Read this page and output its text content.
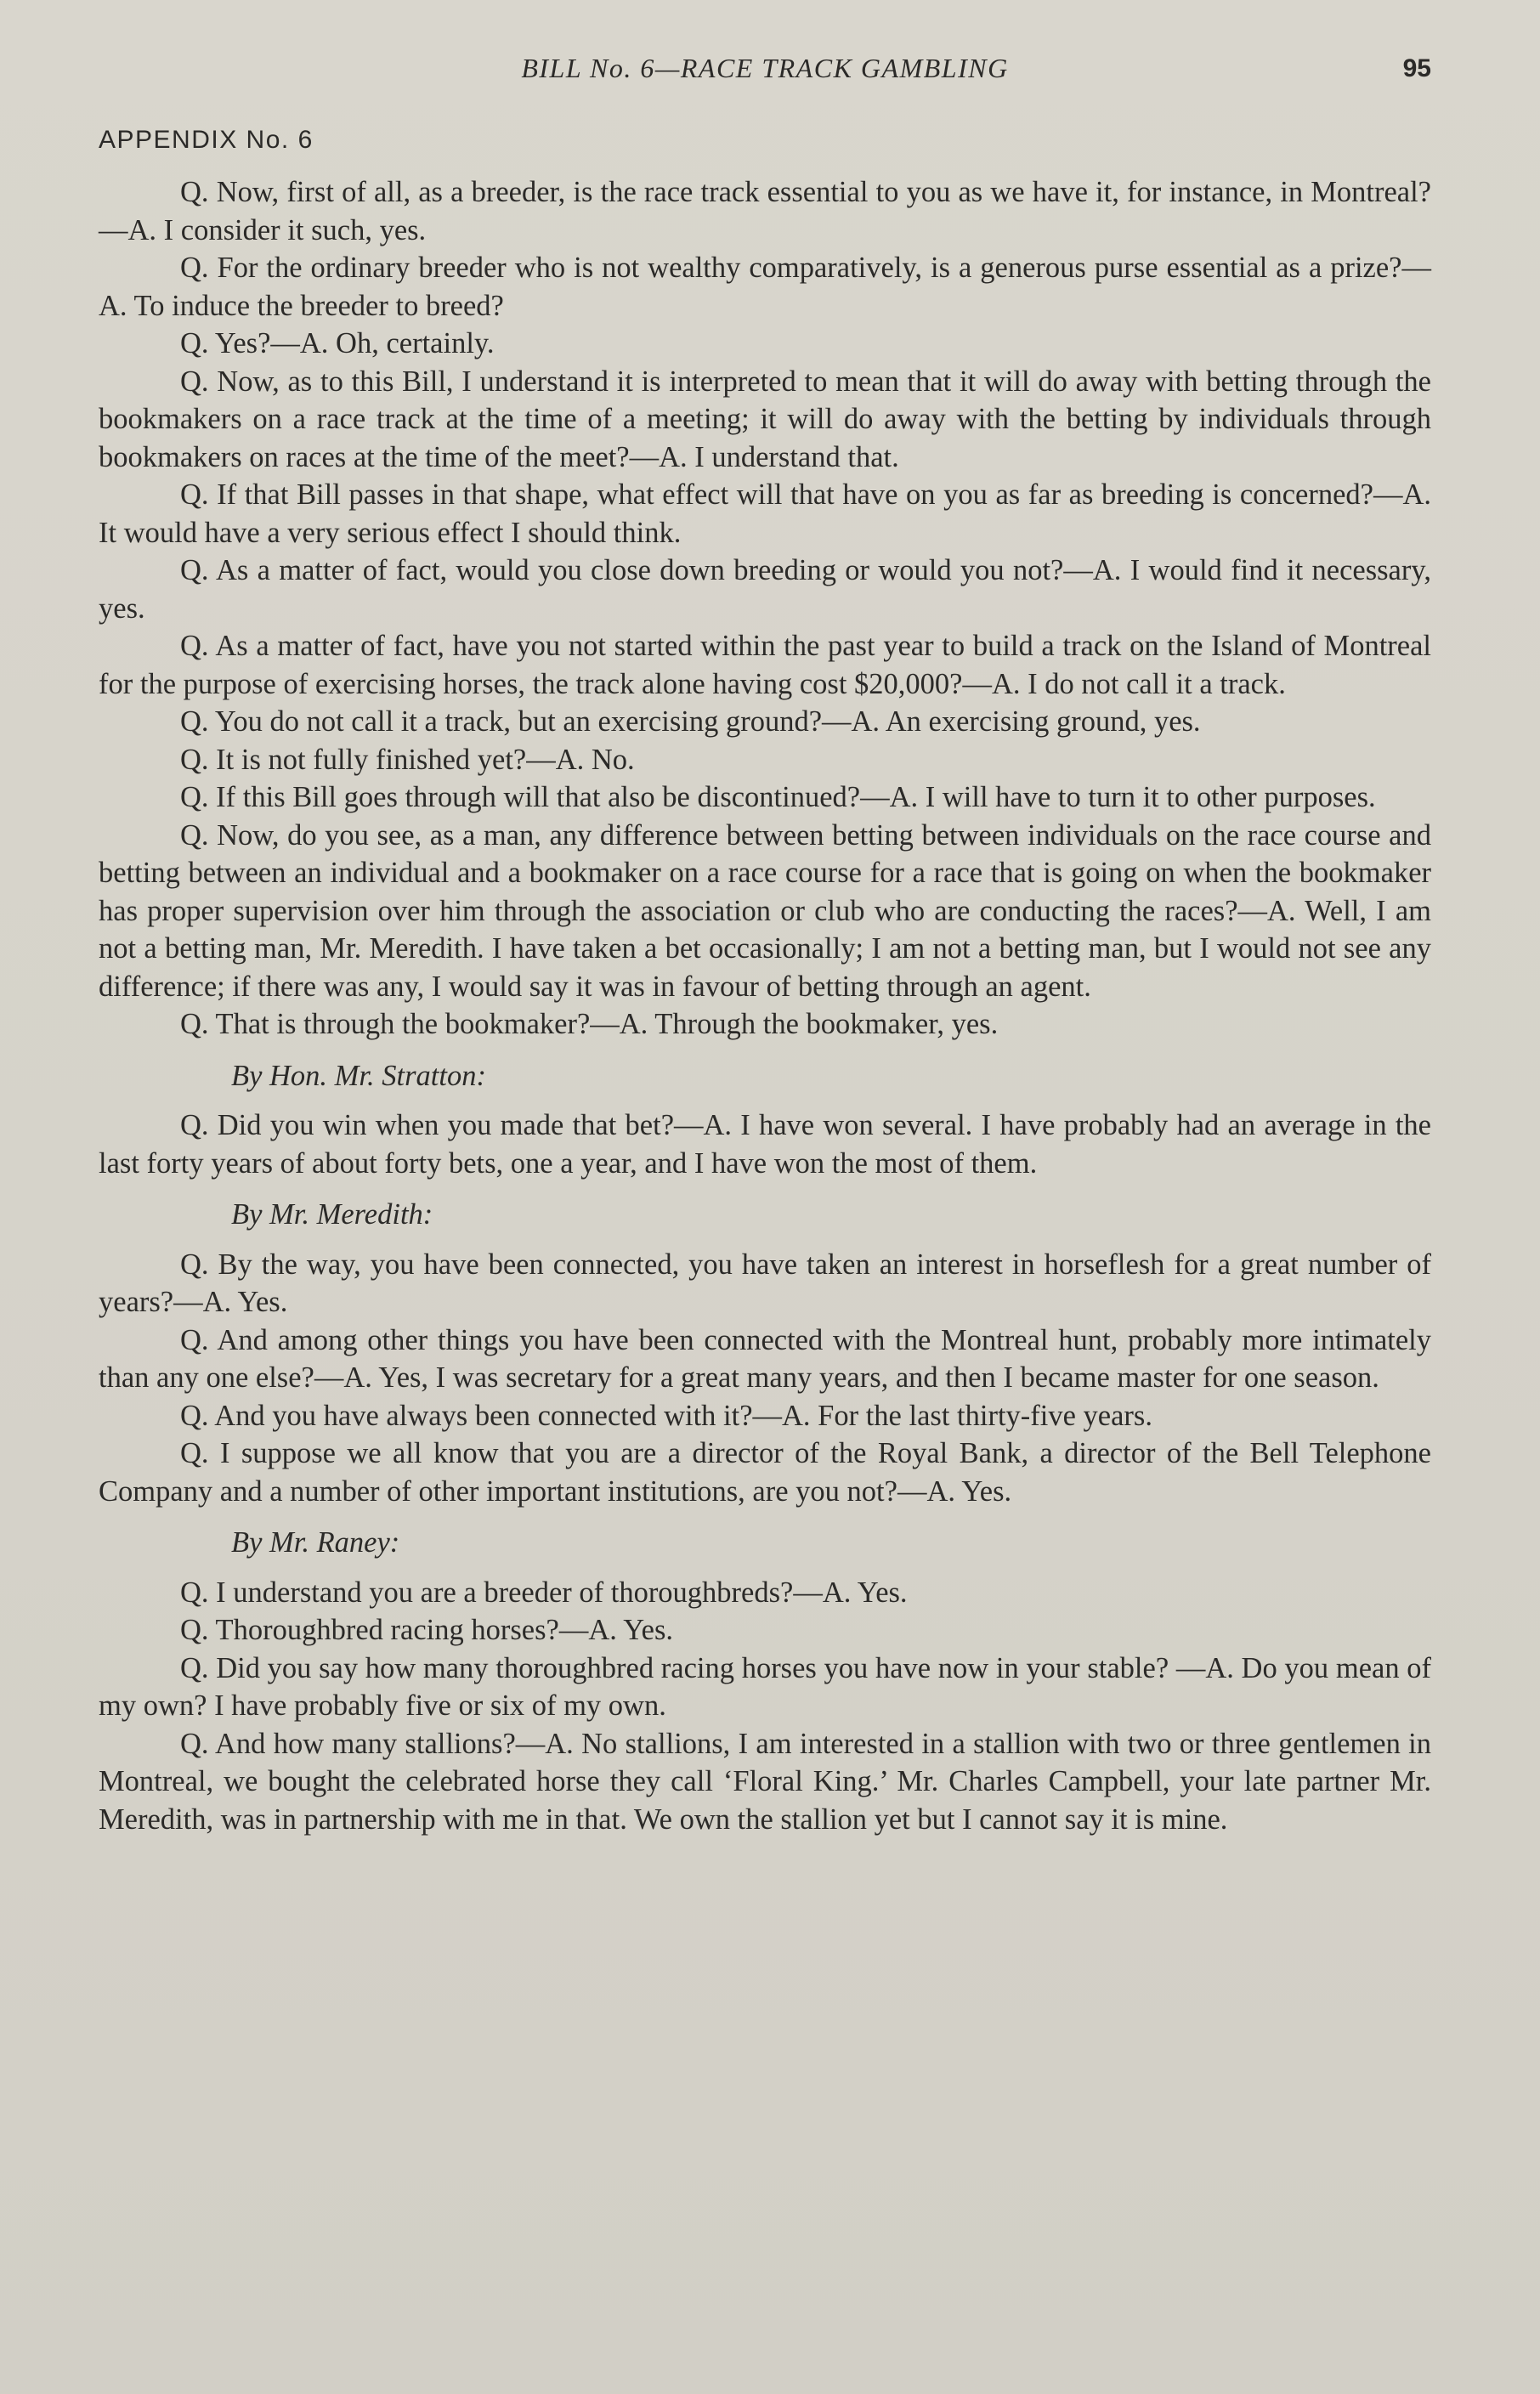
BILL No. 6—RACE TRACK GAMBLING	95
APPENDIX No. 6

Q. Now, first of all, as a breeder, is the race track essential to you as we have it, for instance, in Montreal?—A. I consider it such, yes.

Q. For the ordinary breeder who is not wealthy comparatively, is a generous purse essential as a prize?—A. To induce the breeder to breed?

Q. Yes?—A. Oh, certainly.

Q. Now, as to this Bill, I understand it is interpreted to mean that it will do away with betting through the bookmakers on a race track at the time of a meeting; it will do away with the betting by individuals through bookmakers on races at the time of the meet?—A. I understand that.

Q. If that Bill passes in that shape, what effect will that have on you as far as breeding is concerned?—A. It would have a very serious effect I should think.

Q. As a matter of fact, would you close down breeding or would you not?—A. I would find it necessary, yes.

Q. As a matter of fact, have you not started within the past year to build a track on the Island of Montreal for the purpose of exercising horses, the track alone having cost $20,000?—A. I do not call it a track.

Q. You do not call it a track, but an exercising ground?—A. An exercising ground, yes.

Q. It is not fully finished yet?—A. No.

Q. If this Bill goes through will that also be discontinued?—A. I will have to turn it to other purposes.

Q. Now, do you see, as a man, any difference between betting between individuals on the race course and betting between an individual and a bookmaker on a race course for a race that is going on when the bookmaker has proper supervision over him through the association or club who are conducting the races?—A. Well, I am not a betting man, Mr. Meredith. I have taken a bet occasionally; I am not a betting man, but I would not see any difference; if there was any, I would say it was in favour of betting through an agent.

Q. That is through the bookmaker?—A. Through the bookmaker, yes.

By Hon. Mr. Stratton:

Q. Did you win when you made that bet?—A. I have won several. I have probably had an average in the last forty years of about forty bets, one a year, and I have won the most of them.

By Mr. Meredith:

Q. By the way, you have been connected, you have taken an interest in horseflesh for a great number of years?—A. Yes.

Q. And among other things you have been connected with the Montreal hunt, probably more intimately than any one else?—A. Yes, I was secretary for a great many years, and then I became master for one season.

Q. And you have always been connected with it?—A. For the last thirty-five years.

Q. I suppose we all know that you are a director of the Royal Bank, a director of the Bell Telephone Company and a number of other important institutions, are you not?—A. Yes.

By Mr. Raney:

Q. I understand you are a breeder of thoroughbreds?—A. Yes.

Q. Thoroughbred racing horses?—A. Yes.

Q. Did you say how many thoroughbred racing horses you have now in your stable? —A. Do you mean of my own? I have probably five or six of my own.

Q. And how many stallions?—A. No stallions, I am interested in a stallion with two or three gentlemen in Montreal, we bought the celebrated horse they call ‘Floral King.’ Mr. Charles Campbell, your late partner Mr. Meredith, was in partnership with me in that. We own the stallion yet but I cannot say it is mine.
